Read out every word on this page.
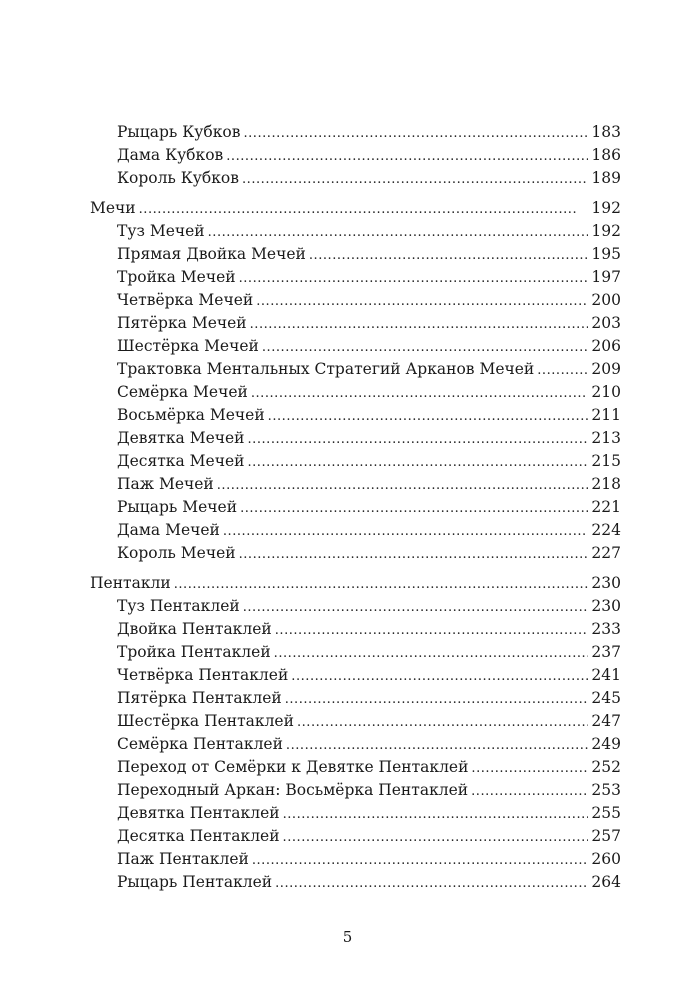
Рыцарь Кубков . . .	183
Дама Кубков . . .	186
Король Кубков . . .	189
Мечи . . .	192
Туз Мечей . . .	192
Прямая Двойка Мечей . . .	195
Тройка Мечей . . .	197
Четвёрка Мечей . . .	200
Пятёрка Мечей . . .	203
Шестёрка Мечей . . .	206
Трактовка Ментальных Стратегий Арканов Мечей . . .	209
Семёрка Мечей . . .	210
Восьмёрка Мечей . . .	211
Девятка Мечей . . .	213
Десятка Мечей . . .	215
Паж Мечей . . .	218
Рыцарь Мечей . . .	221
Дама Мечей . . .	224
Король Мечей . . .	227
Пентакли . . .	230
Туз Пентаклей . . .	230
Двойка Пентаклей . . .	233
Тройка Пентаклей . . .	237
Четвёрка Пентаклей . . .	241
Пятёрка Пентаклей . . .	245
Шестёрка Пентаклей . . .	247
Семёрка Пентаклей . . .	249
Переход от Семёрки к Девятке Пентаклей . . .	252
Переходный Аркан: Восьмёрка Пентаклей . . .	253
Девятка Пентаклей . . .	255
Десятка Пентаклей . . .	257
Паж Пентаклей . . .	260
Рыцарь Пентаклей . . .	264
5
